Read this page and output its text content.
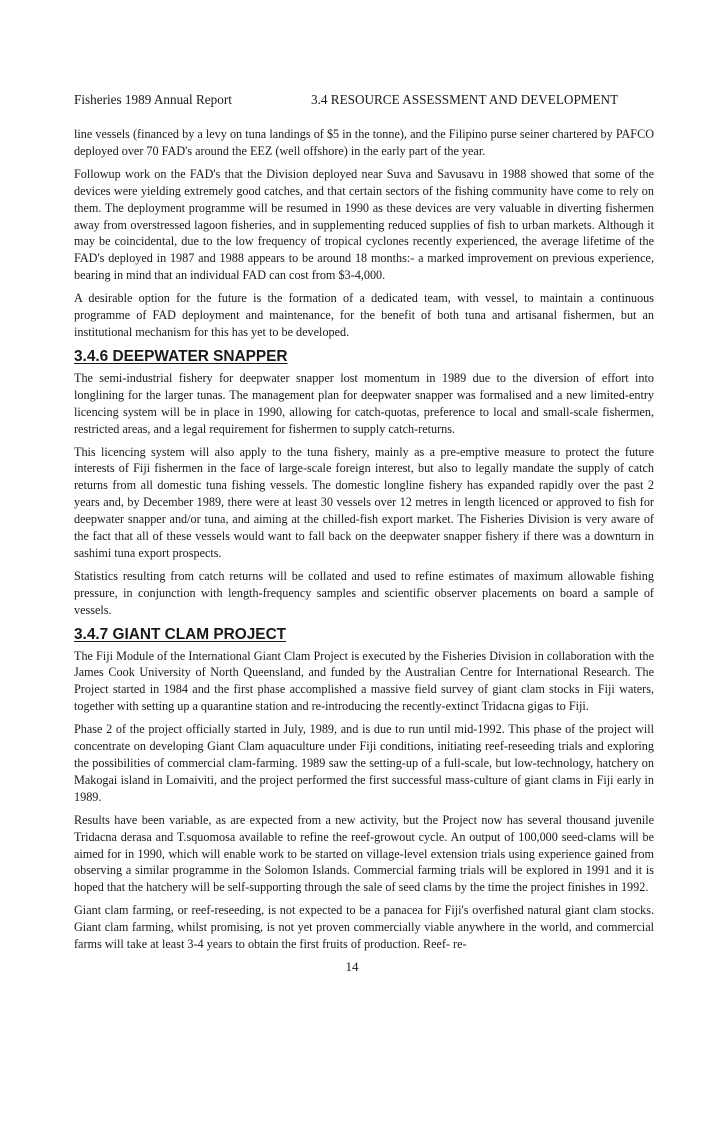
Fisheries 1989 Annual Report	3.4 RESOURCE ASSESSMENT AND DEVELOPMENT

line vessels (financed by a levy on tuna landings of $5 in the tonne), and the Filipino purse seiner chartered by PAFCO deployed over 70 FAD's around the EEZ (well offshore) in the early part of the year.

Followup work on the FAD's that the Division deployed near Suva and Savusavu in 1988 showed that some of the devices were yielding extremely good catches, and that certain sectors of the fishing community have come to rely on them. The deployment programme will be resumed in 1990 as these devices are very valuable in diverting fishermen away from overstressed lagoon fisheries, and in supplementing reduced supplies of fish to urban markets. Although it may be coincidental, due to the low frequency of tropical cyclones recently experienced, the average lifetime of the FAD's deployed in 1987 and 1988 appears to be around 18 months:- a marked improvement on previous experience, bearing in mind that an individual FAD can cost from $3-4,000.

A desirable option for the future is the formation of a dedicated team, with vessel, to maintain a continuous programme of FAD deployment and maintenance, for the benefit of both tuna and artisanal fishermen, but an institutional mechanism for this has yet to be developed.

3.4.6 DEEPWATER SNAPPER

The semi-industrial fishery for deepwater snapper lost momentum in 1989 due to the diversion of effort into longlining for the larger tunas. The management plan for deepwater snapper was formalised and a new limited-entry licencing system will be in place in 1990, allowing for catch-quotas, preference to local and small-scale fishermen, restricted areas, and a legal requirement for fishermen to supply catch-returns.

This licencing system will also apply to the tuna fishery, mainly as a pre-emptive measure to protect the future interests of Fiji fishermen in the face of large-scale foreign interest, but also to legally mandate the supply of catch returns from all domestic tuna fishing vessels. The domestic longline fishery has expanded rapidly over the past 2 years and, by December 1989, there were at least 30 vessels over 12 metres in length licenced or approved to fish for deepwater snapper and/or tuna, and aiming at the chilled-fish export market. The Fisheries Division is very aware of the fact that all of these vessels would want to fall back on the deepwater snapper fishery if there was a downturn in sashimi tuna export prospects.

Statistics resulting from catch returns will be collated and used to refine estimates of maximum allowable fishing pressure, in conjunction with length-frequency samples and scientific observer placements on board a sample of vessels.

3.4.7 GIANT CLAM PROJECT

The Fiji Module of the International Giant Clam Project is executed by the Fisheries Division in collaboration with the James Cook University of North Queensland, and funded by the Australian Centre for International Research. The Project started in 1984 and the first phase accomplished a massive field survey of giant clam stocks in Fiji waters, together with setting up a quarantine station and re-introducing the recently-extinct Tridacna gigas to Fiji.

Phase 2 of the project officially started in July, 1989, and is due to run until mid-1992. This phase of the project will concentrate on developing Giant Clam aquaculture under Fiji conditions, initiating reef-reseeding trials and exploring the possibilities of commercial clam-farming. 1989 saw the setting-up of a full-scale, but low-technology, hatchery on Makogai island in Lomaiviti, and the project performed the first successful mass-culture of giant clams in Fiji early in 1989.

Results have been variable, as are expected from a new activity, but the Project now has several thousand juvenile Tridacna derasa and T.squomosa available to refine the reef-growout cycle. An output of 100,000 seed-clams will be aimed for in 1990, which will enable work to be started on village-level extension trials using experience gained from observing a similar programme in the Solomon Islands. Commercial farming trials will be explored in 1991 and it is hoped that the hatchery will be self-supporting through the sale of seed clams by the time the project finishes in 1992.

Giant clam farming, or reef-reseeding, is not expected to be a panacea for Fiji's overfished natural giant clam stocks. Giant clam farming, whilst promising, is not yet proven commercially viable anywhere in the world, and commercial farms will take at least 3-4 years to obtain the first fruits of production. Reef- re-

14
